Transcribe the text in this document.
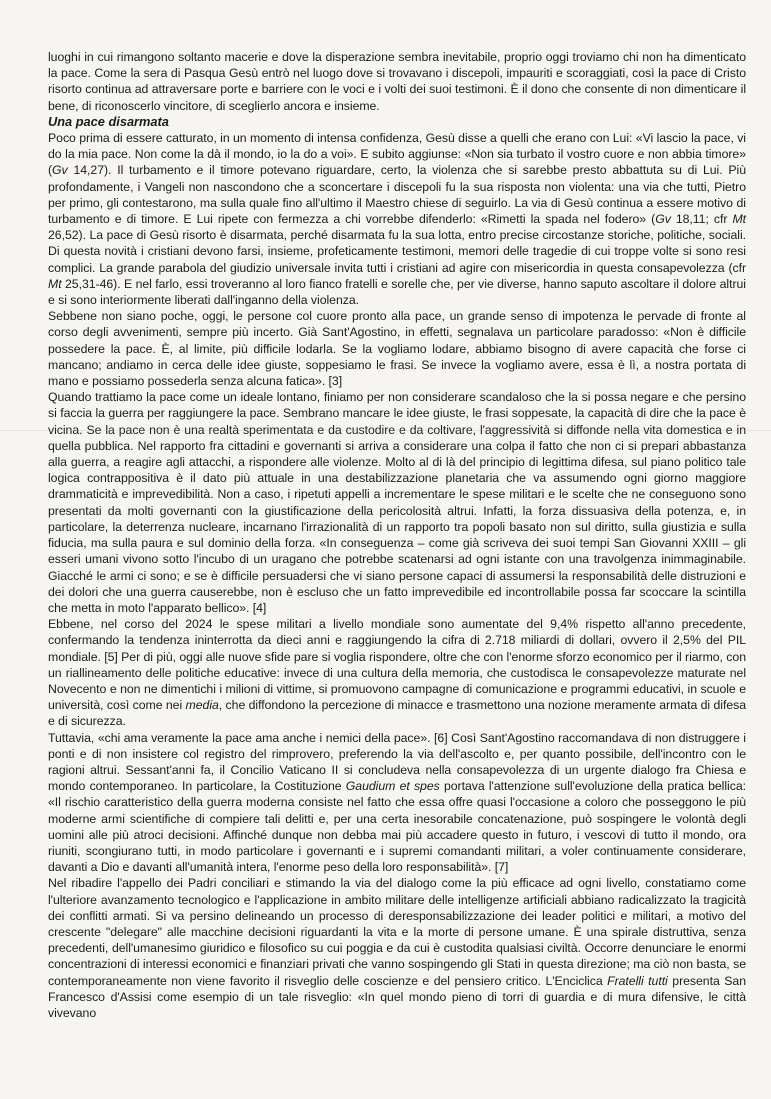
luoghi in cui rimangono soltanto macerie e dove la disperazione sembra inevitabile, proprio oggi troviamo chi non ha dimenticato la pace. Come la sera di Pasqua Gesù entrò nel luogo dove si trovavano i discepoli, impauriti e scoraggiati, così la pace di Cristo risorto continua ad attraversare porte e barriere con le voci e i volti dei suoi testimoni. È il dono che consente di non dimenticare il bene, di riconoscerlo vincitore, di sceglierlo ancora e insieme.

Una pace disarmata

Poco prima di essere catturato, in un momento di intensa confidenza, Gesù disse a quelli che erano con Lui: «Vi lascio la pace, vi do la mia pace. Non come la dà il mondo, io la do a voi». E subito aggiunse: «Non sia turbato il vostro cuore e non abbia timore» (Gv 14,27). Il turbamento e il timore potevano riguardare, certo, la violenza che si sarebbe presto abbattuta su di Lui. Più profondamente, i Vangeli non nascondono che a sconcertare i discepoli fu la sua risposta non violenta: una via che tutti, Pietro per primo, gli contestarono, ma sulla quale fino all'ultimo il Maestro chiese di seguirlo. La via di Gesù continua a essere motivo di turbamento e di timore. E Lui ripete con fermezza a chi vorrebbe difenderlo: «Rimetti la spada nel fodero» (Gv 18,11; cfr Mt 26,52). La pace di Gesù risorto è disarmata, perché disarmata fu la sua lotta, entro precise circostanze storiche, politiche, sociali. Di questa novità i cristiani devono farsi, insieme, profeticamente testimoni, memori delle tragedie di cui troppe volte si sono resi complici. La grande parabola del giudizio universale invita tutti i cristiani ad agire con misericordia in questa consapevolezza (cfr Mt 25,31-46). E nel farlo, essi troveranno al loro fianco fratelli e sorelle che, per vie diverse, hanno saputo ascoltare il dolore altrui e si sono interiormente liberati dall'inganno della violenza.

Sebbene non siano poche, oggi, le persone col cuore pronto alla pace, un grande senso di impotenza le pervade di fronte al corso degli avvenimenti, sempre più incerto. Già Sant'Agostino, in effetti, segnalava un particolare paradosso: «Non è difficile possedere la pace. È, al limite, più difficile lodarla. Se la vogliamo lodare, abbiamo bisogno di avere capacità che forse ci mancano; andiamo in cerca delle idee giuste, soppesiamo le frasi. Se invece la vogliamo avere, essa è lì, a nostra portata di mano e possiamo possederla senza alcuna fatica». [3]

Quando trattiamo la pace come un ideale lontano, finiamo per non considerare scandaloso che la si possa negare e che persino si faccia la guerra per raggiungere la pace. Sembrano mancare le idee giuste, le frasi soppesate, la capacità di dire che la pace è vicina. Se la pace non è una realtà sperimentata e da custodire e da coltivare, l'aggressività si diffonde nella vita domestica e in quella pubblica. Nel rapporto fra cittadini e governanti si arriva a considerare una colpa il fatto che non ci si prepari abbastanza alla guerra, a reagire agli attacchi, a rispondere alle violenze. Molto al di là del principio di legittima difesa, sul piano politico tale logica contrappositiva è il dato più attuale in una destabilizzazione planetaria che va assumendo ogni giorno maggiore drammaticità e imprevedibilità. Non a caso, i ripetuti appelli a incrementare le spese militari e le scelte che ne conseguono sono presentati da molti governanti con la giustificazione della pericolosità altrui. Infatti, la forza dissuasiva della potenza, e, in particolare, la deterrenza nucleare, incarnano l'irrazionalità di un rapporto tra popoli basato non sul diritto, sulla giustizia e sulla fiducia, ma sulla paura e sul dominio della forza. «In conseguenza – come già scriveva dei suoi tempi San Giovanni XXIII – gli esseri umani vivono sotto l'incubo di un uragano che potrebbe scatenarsi ad ogni istante con una travolgenza inimmaginabile. Giacché le armi ci sono; e se è difficile persuadersi che vi siano persone capaci di assumersi la responsabilità delle distruzioni e dei dolori che una guerra causerebbe, non è escluso che un fatto imprevedibile ed incontrollabile possa far scoccare la scintilla che metta in moto l'apparato bellico». [4]

Ebbene, nel corso del 2024 le spese militari a livello mondiale sono aumentate del 9,4% rispetto all'anno precedente, confermando la tendenza ininterrotta da dieci anni e raggiungendo la cifra di 2.718 miliardi di dollari, ovvero il 2,5% del PIL mondiale. [5] Per di più, oggi alle nuove sfide pare si voglia rispondere, oltre che con l'enorme sforzo economico per il riarmo, con un riallineamento delle politiche educative: invece di una cultura della memoria, che custodisca le consapevolezze maturate nel Novecento e non ne dimentichi i milioni di vittime, si promuovono campagne di comunicazione e programmi educativi, in scuole e università, così come nei media, che diffondono la percezione di minacce e trasmettono una nozione meramente armata di difesa e di sicurezza.

Tuttavia, «chi ama veramente la pace ama anche i nemici della pace». [6] Così Sant'Agostino raccomandava di non distruggere i ponti e di non insistere col registro del rimprovero, preferendo la via dell'ascolto e, per quanto possibile, dell'incontro con le ragioni altrui. Sessant'anni fa, il Concilio Vaticano II si concludeva nella consapevolezza di un urgente dialogo fra Chiesa e mondo contemporaneo. In particolare, la Costituzione Gaudium et spes portava l'attenzione sull'evoluzione della pratica bellica: «Il rischio caratteristico della guerra moderna consiste nel fatto che essa offre quasi l'occasione a coloro che posseggono le più moderne armi scientifiche di compiere tali delitti e, per una certa inesorabile concatenazione, può sospingere le volontà degli uomini alle più atroci decisioni. Affinché dunque non debba mai più accadere questo in futuro, i vescovi di tutto il mondo, ora riuniti, scongiurano tutti, in modo particolare i governanti e i supremi comandanti militari, a voler continuamente considerare, davanti a Dio e davanti all'umanità intera, l'enorme peso della loro responsabilità». [7]

Nel ribadire l'appello dei Padri conciliari e stimando la via del dialogo come la più efficace ad ogni livello, constatiamo come l'ulteriore avanzamento tecnologico e l'applicazione in ambito militare delle intelligenze artificiali abbiano radicalizzato la tragicità dei conflitti armati. Si va persino delineando un processo di deresponsabilizzazione dei leader politici e militari, a motivo del crescente "delegare" alle macchine decisioni riguardanti la vita e la morte di persone umane. È una spirale distruttiva, senza precedenti, dell'umanesimo giuridico e filosofico su cui poggia e da cui è custodita qualsiasi civiltà. Occorre denunciare le enormi concentrazioni di interessi economici e finanziari privati che vanno sospingendo gli Stati in questa direzione; ma ciò non basta, se contemporaneamente non viene favorito il risveglio delle coscienze e del pensiero critico. L'Enciclica Fratelli tutti presenta San Francesco d'Assisi come esempio di un tale risveglio: «In quel mondo pieno di torri di guardia e di mura difensive, le città vivevano
